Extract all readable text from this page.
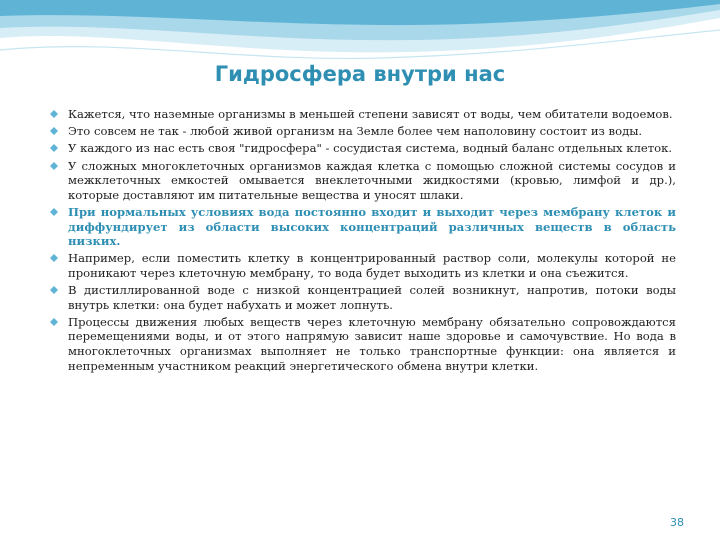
Гидросфера внутри нас
Кажется, что наземные организмы в меньшей степени зависят от воды, чем обитатели водоемов.
Это совсем не так - любой живой организм на Земле более чем наполовину состоит из воды.
У каждого из нас есть своя "гидросфера" - сосудистая система, водный баланс отдельных клеток.
У сложных многоклеточных организмов каждая клетка с помощью сложной системы сосудов и межклеточных емкостей омывается внеклеточными жидкостями (кровью, лимфой и др.), которые доставляют им питательные вещества и уносят шлаки.
При нормальных условиях вода постоянно входит и выходит через мембрану клеток и диффундирует из области высоких концентраций различных веществ в область низких.
Например, если поместить клетку в концентрированный раствор соли, молекулы которой не проникают через клеточную мембрану, то вода будет выходить из клетки и она съежится.
В дистиллированной воде с низкой концентрацией солей возникнут, напротив, потоки воды внутрь клетки: она будет набухать и может лопнуть.
Процессы движения любых веществ через клеточную мембрану обязательно сопровождаются перемещениями воды, и от этого напрямую зависит наше здоровье и самочувствие. Но вода в многоклеточных организмах выполняет не только транспортные функции: она является и непременным участником реакций энергетического обмена внутри клетки.
38
